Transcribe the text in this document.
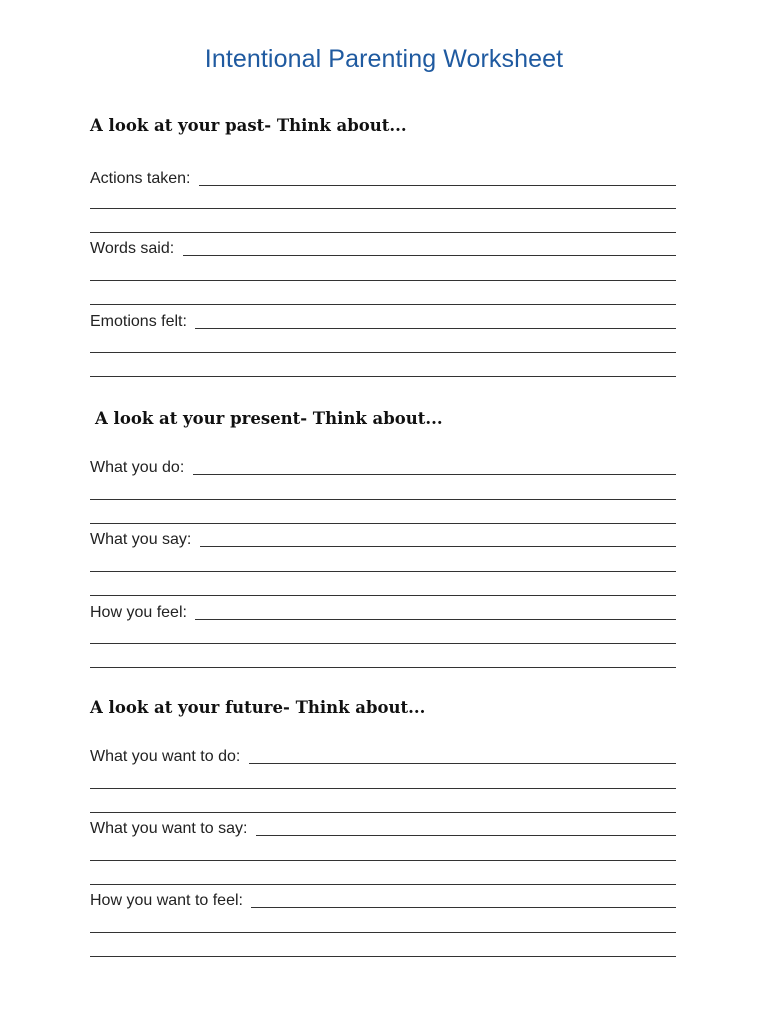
Intentional Parenting Worksheet
A look at your past- Think about...
Actions taken:
Words said:
Emotions felt:
A look at your present- Think about...
What you do:
What you say:
How you feel:
A look at your future- Think about...
What you want to do:
What you want to say:
How you want to feel:
